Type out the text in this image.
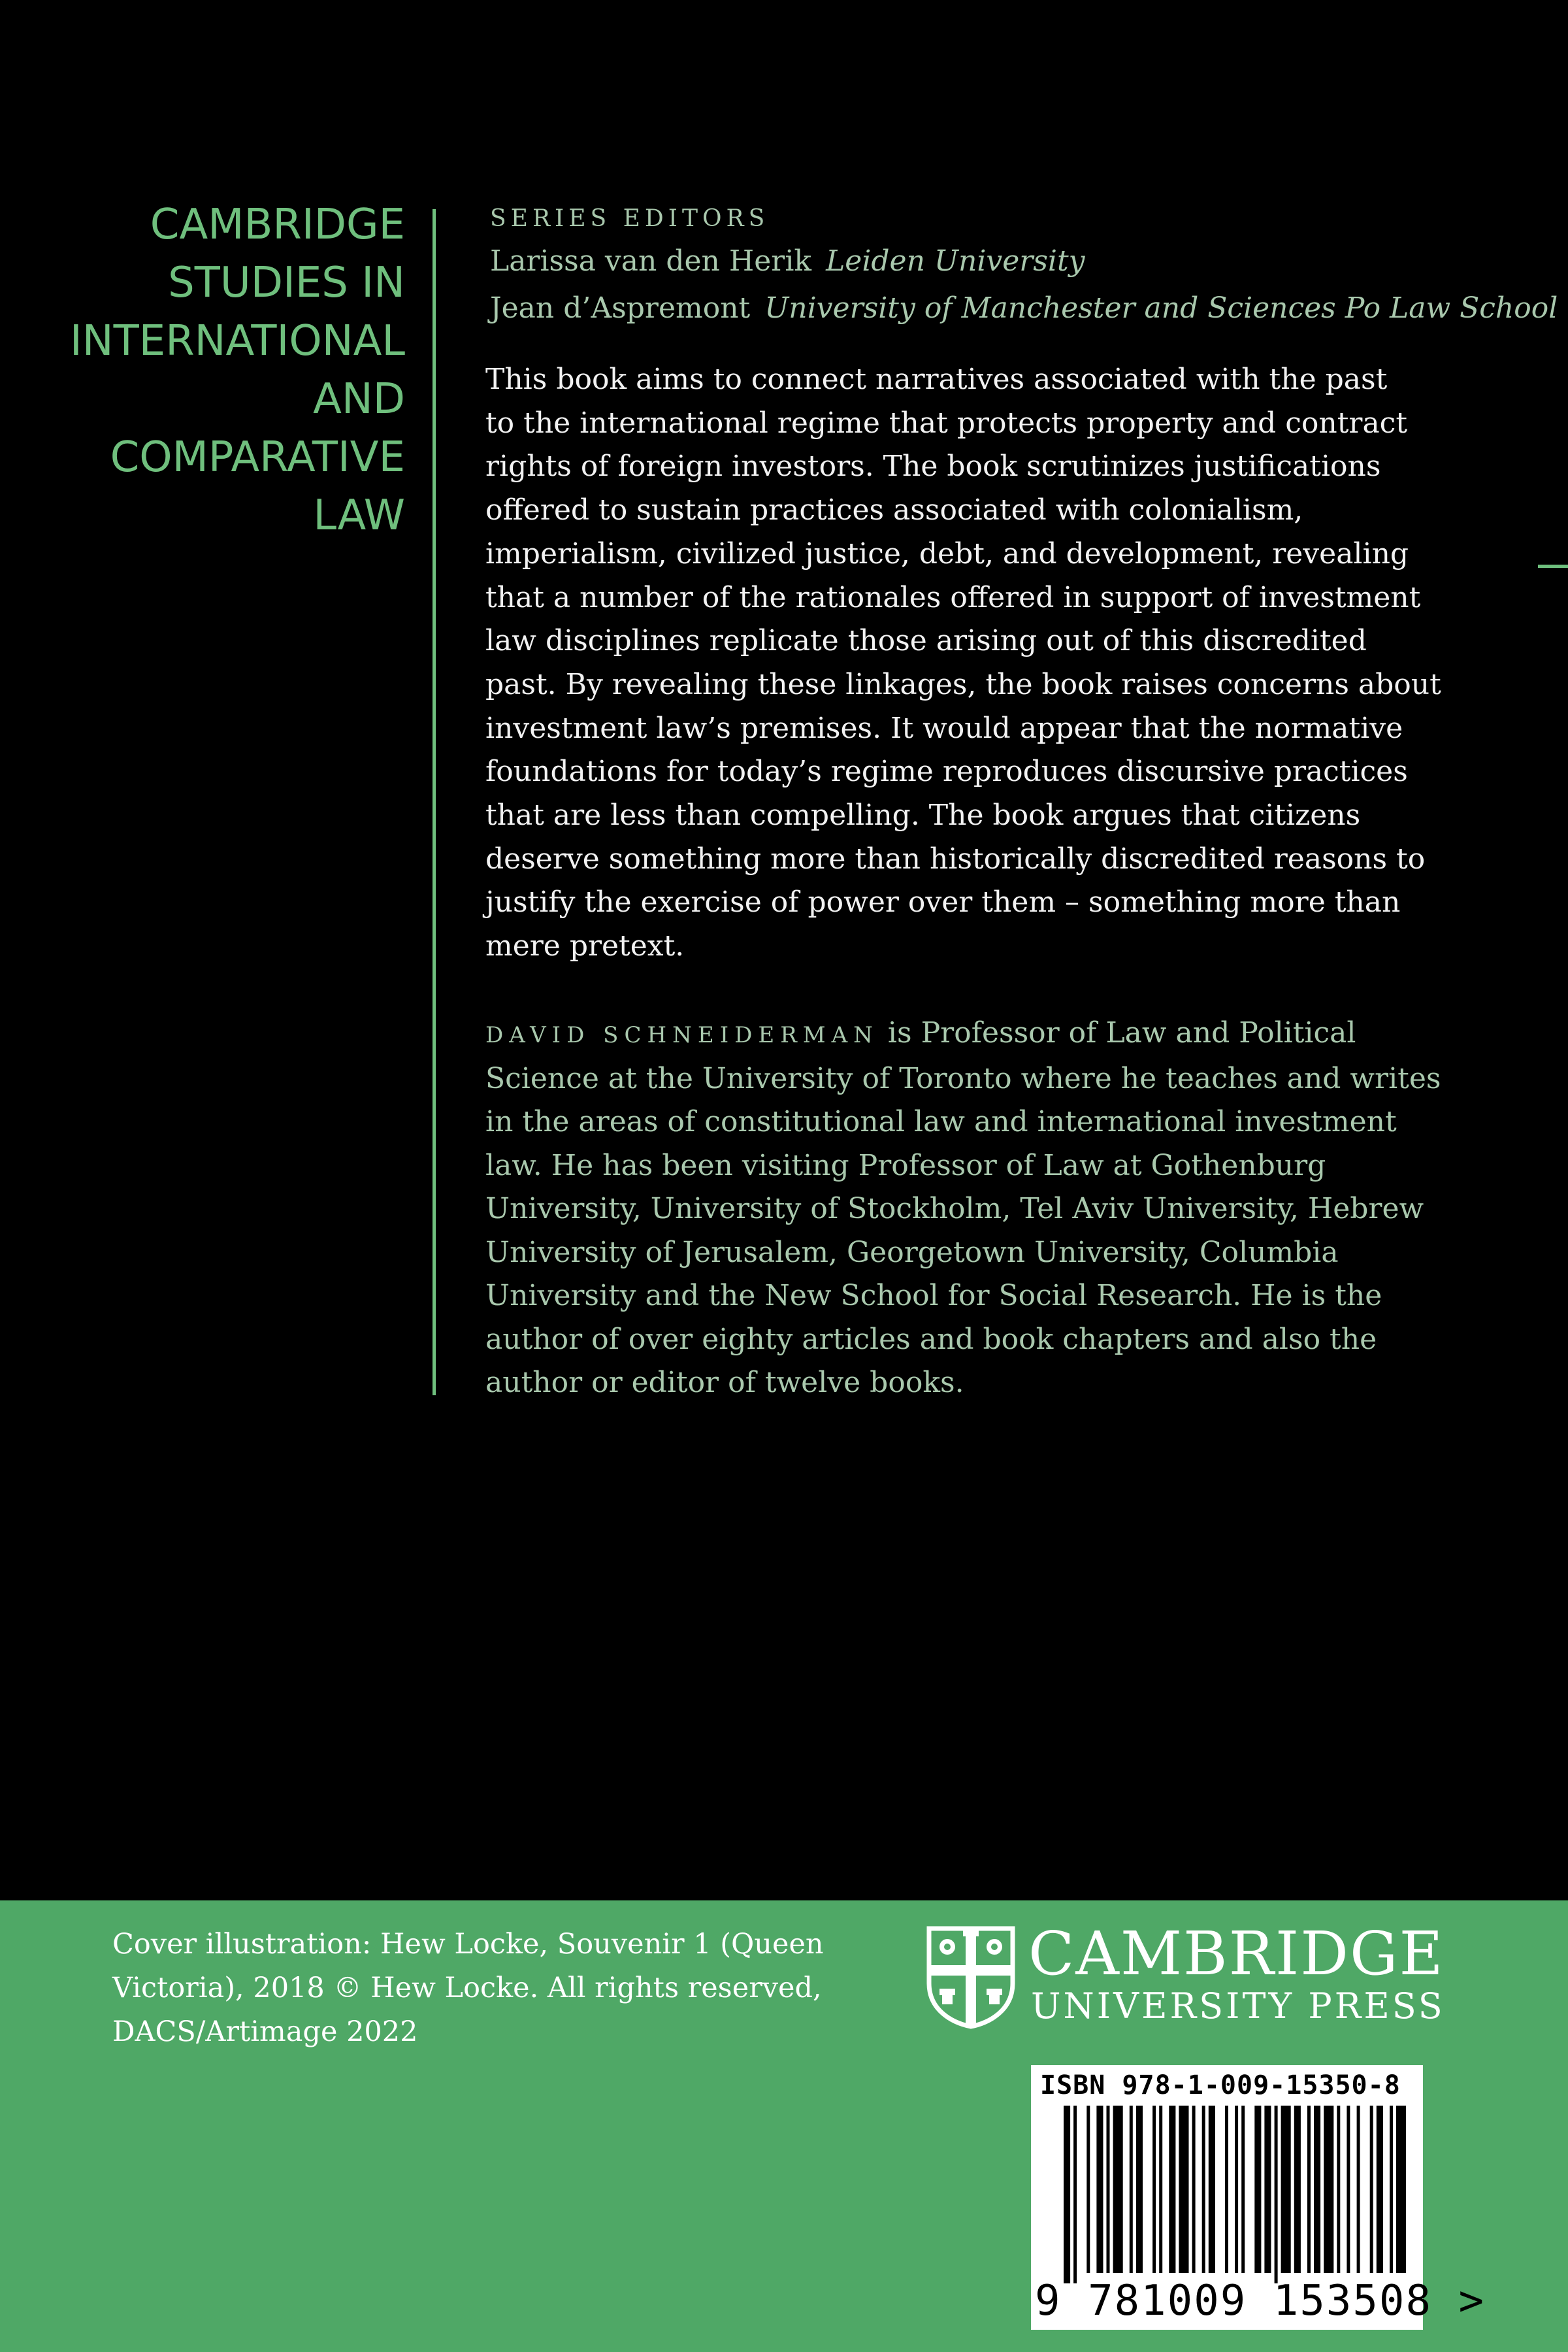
CAMBRIDGE
STUDIES IN
INTERNATIONAL
AND
COMPARATIVE
LAW
SERIES EDITORS
Larissa van den Herik Leiden University
Jean d’Aspremont University of Manchester and Sciences Po Law School
This book aims to connect narratives associated with the past
to the international regime that protects property and contract
rights of foreign investors. The book scrutinizes justifications
offered to sustain practices associated with colonialism,
imperialism, civilized justice, debt, and development, revealing
that a number of the rationales offered in support of investment
law disciplines replicate those arising out of this discredited
past. By revealing these linkages, the book raises concerns about
investment law’s premises. It would appear that the normative
foundations for today’s regime reproduces discursive practices
that are less than compelling. The book argues that citizens
deserve something more than historically discredited reasons to
justify the exercise of power over them – something more than
mere pretext.
DAVID SCHNEIDERMAN is Professor of Law and Political
Science at the University of Toronto where he teaches and writes
in the areas of constitutional law and international investment
law. He has been visiting Professor of Law at Gothenburg
University, University of Stockholm, Tel Aviv University, Hebrew
University of Jerusalem, Georgetown University, Columbia
University and the New School for Social Research. He is the
author of over eighty articles and book chapters and also the
author or editor of twelve books.
Cover illustration: Hew Locke, Souvenir 1 (Queen
Victoria), 2018 © Hew Locke. All rights reserved,
DACS/Artimage 2022
CAMBRIDGE
UNIVERSITY PRESS
ISBN 978-1-009-15350-8
9 781009 153508 >
